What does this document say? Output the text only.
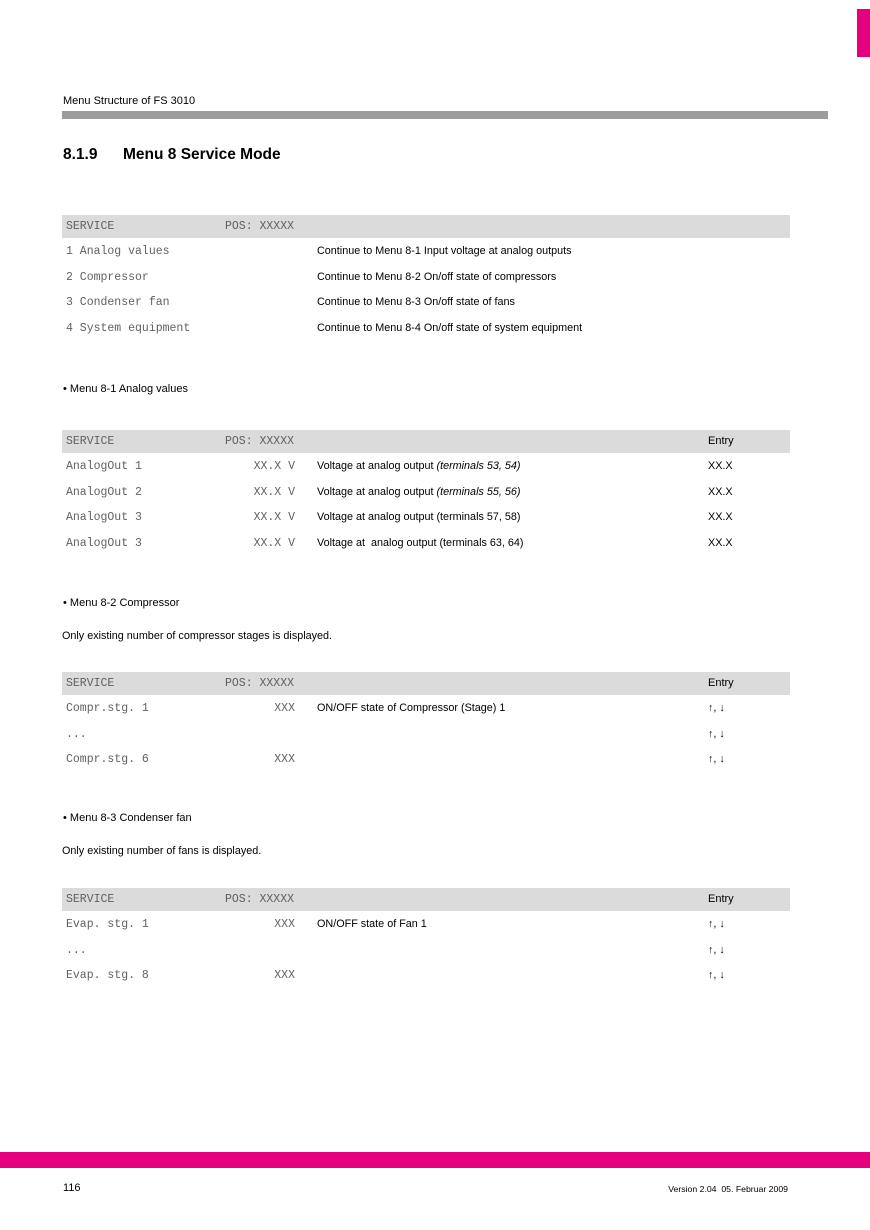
Menu Structure of FS 3010
8.1.9 Menu 8 Service Mode
SERVICE	POS: XXXXX
1 Analog values	Continue to Menu 8-1 Input voltage at analog outputs
2 Compressor	Continue to Menu 8-2 On/off state of compressors
3 Condenser fan	Continue to Menu 8-3 On/off state of fans
4 System equipment	Continue to Menu 8-4 On/off state of system equipment
• Menu 8-1 Analog values
SERVICE	POS: XXXXX	Entry
AnalogOut 1	XX.X V Voltage at analog output (terminals 53, 54)	XX.X
AnalogOut 2	XX.X V Voltage at analog output (terminals 55, 56)	XX.X
AnalogOut 3	XX.X V Voltage at analog output (terminals 57, 58)	XX.X
AnalogOut 3	XX.X V Voltage at  analog output (terminals 63, 64)	XX.X
• Menu 8-2 Compressor
Only existing number of compressor stages is displayed.
SERVICE	POS: XXXXX	Entry
Compr.stg. 1	XXX ON/OFF state of Compressor (Stage) 1	↑, ↓
...	↑, ↓
Compr.stg. 6	XXX	↑, ↓
• Menu 8-3 Condenser fan
Only existing number of fans is displayed.
SERVICE	POS: XXXXX	Entry
Evap. stg. 1	XXX ON/OFF state of Fan 1	↑, ↓
...	↑, ↓
Evap. stg. 8	XXX	↑, ↓
116	Version 2.04  05. Februar 2009
